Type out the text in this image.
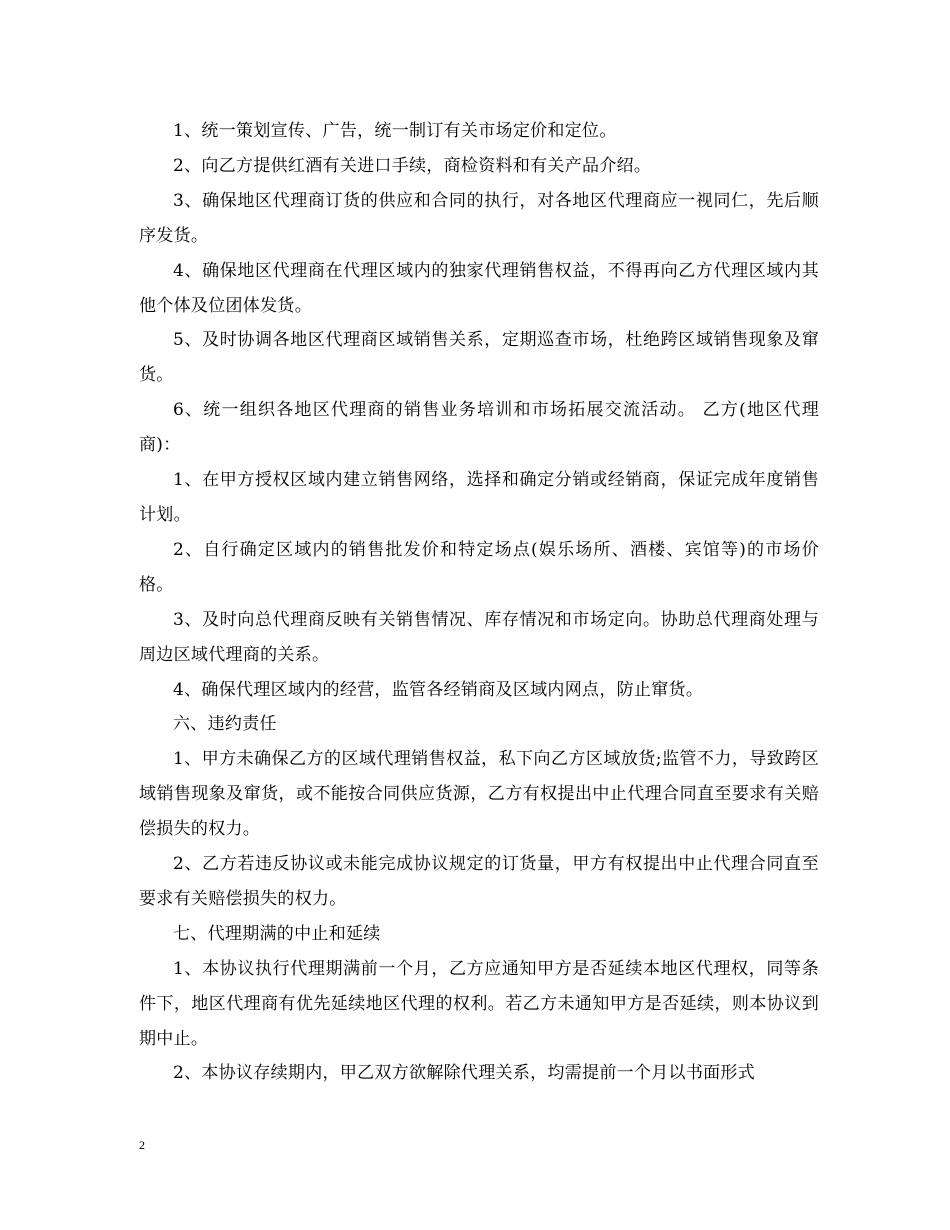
1、统一策划宣传、广告，统一制订有关市场定价和定位。

2、向乙方提供红酒有关进口手续，商检资料和有关产品介绍。

3、确保地区代理商订货的供应和合同的执行，对各地区代理商应一视同仁，先后顺序发货。

4、确保地区代理商在代理区域内的独家代理销售权益，不得再向乙方代理区域内其他个体及位团体发货。

5、及时协调各地区代理商区域销售关系，定期巡查市场，杜绝跨区域销售现象及窜货。

6、统一组织各地区代理商的销售业务培训和市场拓展交流活动。 乙方(地区代理商)：

1、在甲方授权区域内建立销售网络，选择和确定分销或经销商，保证完成年度销售计划。

2、自行确定区域内的销售批发价和特定场点(娱乐场所、酒楼、宾馆等)的市场价格。

3、及时向总代理商反映有关销售情况、库存情况和市场定向。协助总代理商处理与周边区域代理商的关系。

4、确保代理区域内的经营，监管各经销商及区域内网点，防止窜货。

六、违约责任

1、甲方未确保乙方的区域代理销售权益，私下向乙方区域放货;监管不力，导致跨区域销售现象及窜货，或不能按合同供应货源，乙方有权提出中止代理合同直至要求有关赔偿损失的权力。

2、乙方若违反协议或未能完成协议规定的订货量，甲方有权提出中止代理合同直至要求有关赔偿损失的权力。

七、代理期满的中止和延续

1、本协议执行代理期满前一个月，乙方应通知甲方是否延续本地区代理权，同等条件下，地区代理商有优先延续地区代理的权利。若乙方未通知甲方是否延续，则本协议到期中止。

2、本协议存续期内，甲乙双方欲解除代理关系，均需提前一个月以书面形式

2
